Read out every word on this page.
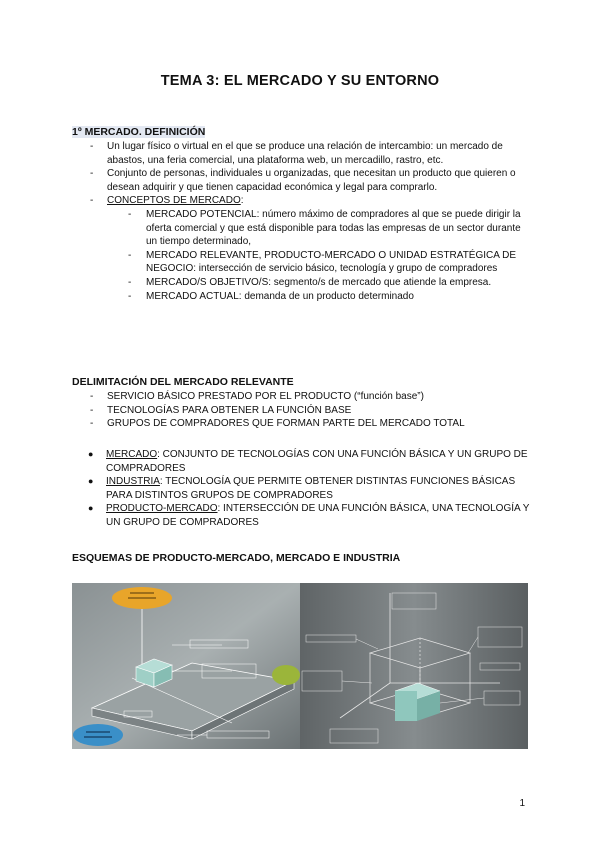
TEMA 3: EL MERCADO Y SU ENTORNO
1º MERCADO. DEFINICIÓN
- Un lugar físico o virtual en el que se produce una relación de intercambio: un mercado de abastos, una feria comercial, una plataforma web, un mercadillo, rastro, etc.
- Conjunto de personas, individuales u organizadas, que necesitan un producto que quieren o desean adquirir y que tienen capacidad económica y legal para comprarlo.
- CONCEPTOS DE MERCADO:
- MERCADO POTENCIAL: número máximo de compradores al que se puede dirigir la oferta comercial y que está disponible para todas las empresas de un sector durante un tiempo determinado,
- MERCADO RELEVANTE, PRODUCTO-MERCADO O UNIDAD ESTRATÉGICA DE NEGOCIO: intersección de servicio básico, tecnología y grupo de compradores
- MERCADO/S OBJETIVO/S: segmento/s de mercado que atiende la empresa.
- MERCADO ACTUAL: demanda de un producto determinado
DELIMITACIÓN DEL MERCADO RELEVANTE
- SERVICIO BÁSICO PRESTADO POR EL PRODUCTO (“función base”)
- TECNOLOGÍAS PARA OBTENER LA FUNCIÓN BASE
- GRUPOS DE COMPRADORES QUE FORMAN PARTE DEL MERCADO TOTAL
● MERCADO: CONJUNTO DE TECNOLOGÍAS CON UNA FUNCIÓN BÁSICA Y UN GRUPO DE COMPRADORES
● INDUSTRIA: TECNOLOGÍA QUE PERMITE OBTENER DISTINTAS FUNCIONES BÁSICAS PARA DISTINTOS GRUPOS DE COMPRADORES
● PRODUCTO-MERCADO: INTERSECCIÓN DE UNA FUNCIÓN BÁSICA, UNA TECNOLOGÍA Y UN GRUPO DE COMPRADORES
ESQUEMAS DE PRODUCTO-MERCADO, MERCADO E INDUSTRIA
1
